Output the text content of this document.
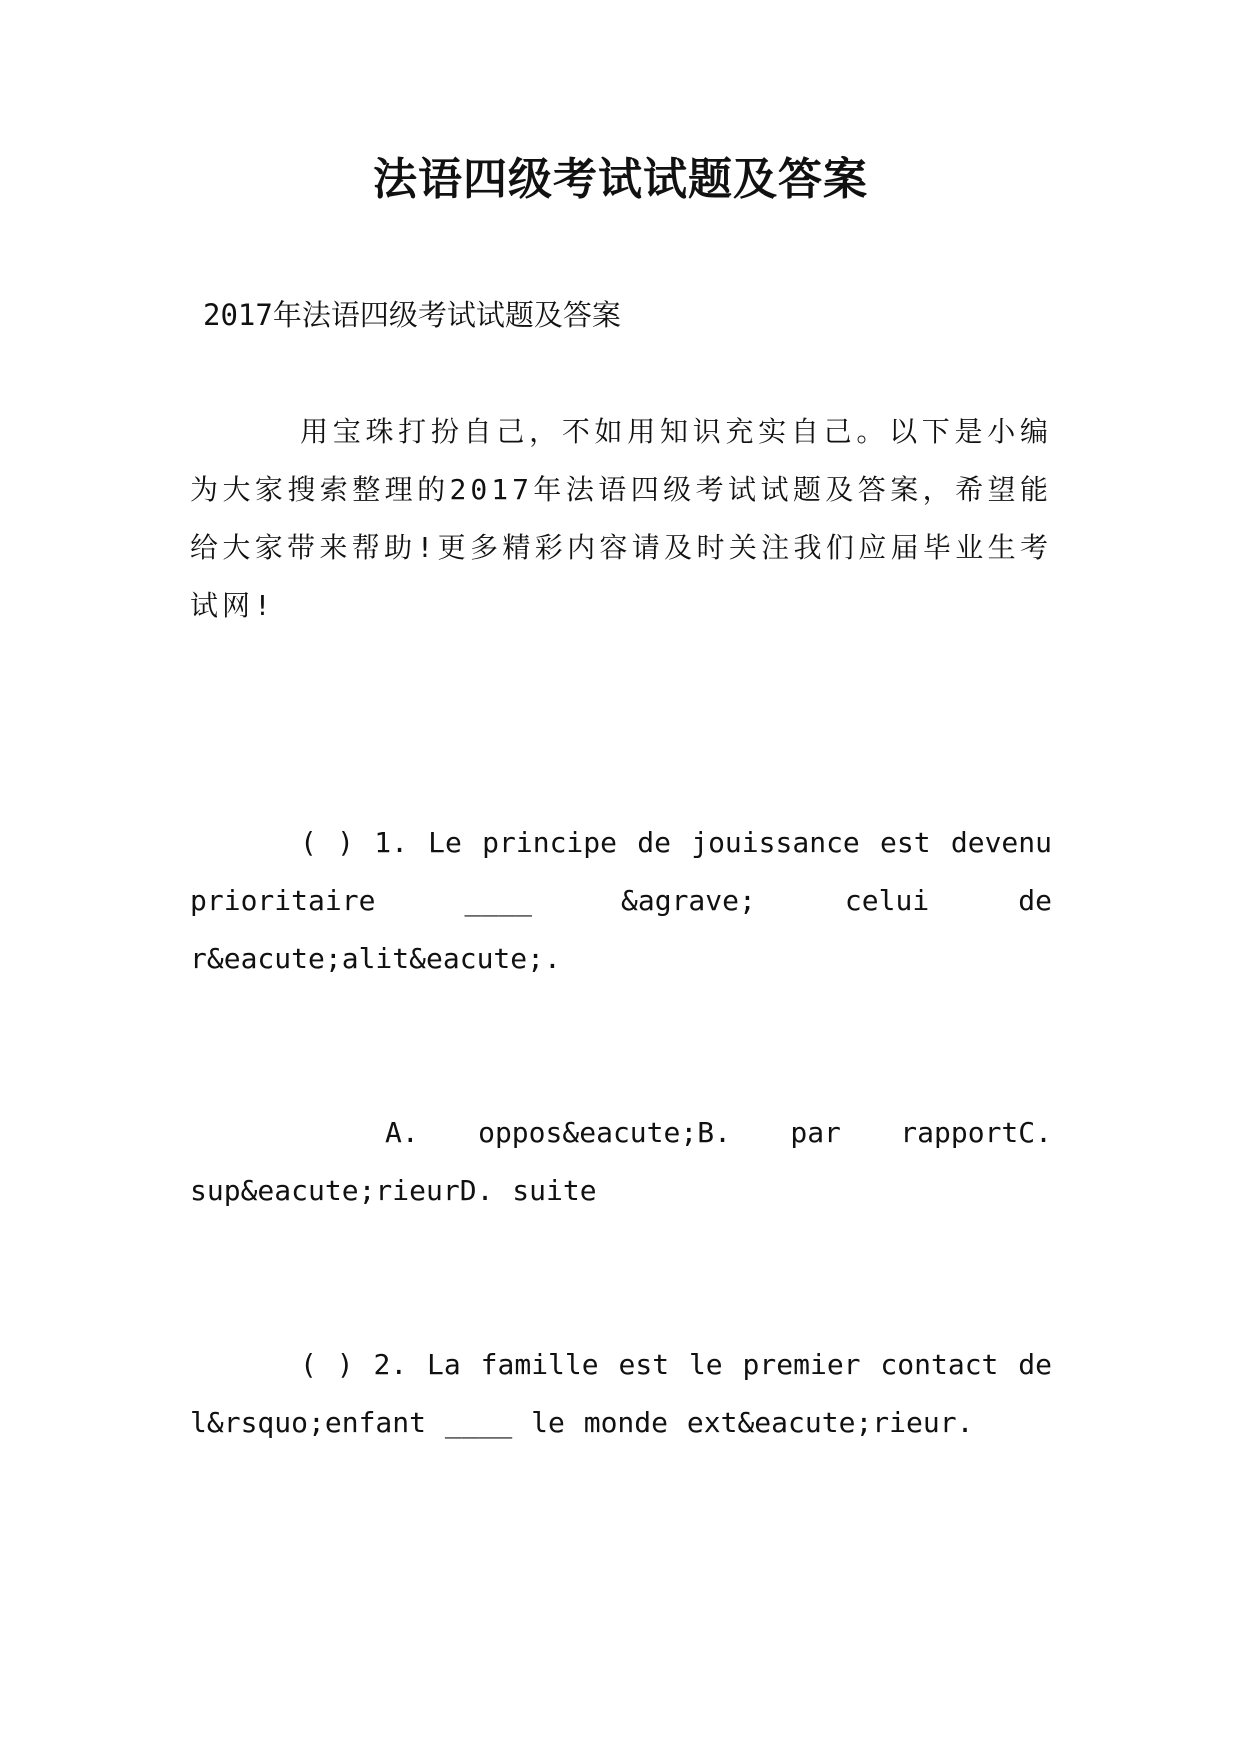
法语四级考试试题及答案
2017年法语四级考试试题及答案
用宝珠打扮自己，不如用知识充实自己。以下是小编为大家搜索整理的2017年法语四级考试试题及答案，希望能给大家带来帮助!更多精彩内容请及时关注我们应届毕业生考试网!
( ) 1. Le principe de jouissance est devenu prioritaire ____ &agrave; celui de r&eacute;alit&eacute;.
A. oppos&eacute;B. par rapportC. sup&eacute;rieurD. suite
( ) 2. La famille est le premier contact de l&rsquo;enfant ____ le monde ext&eacute;rieur.
